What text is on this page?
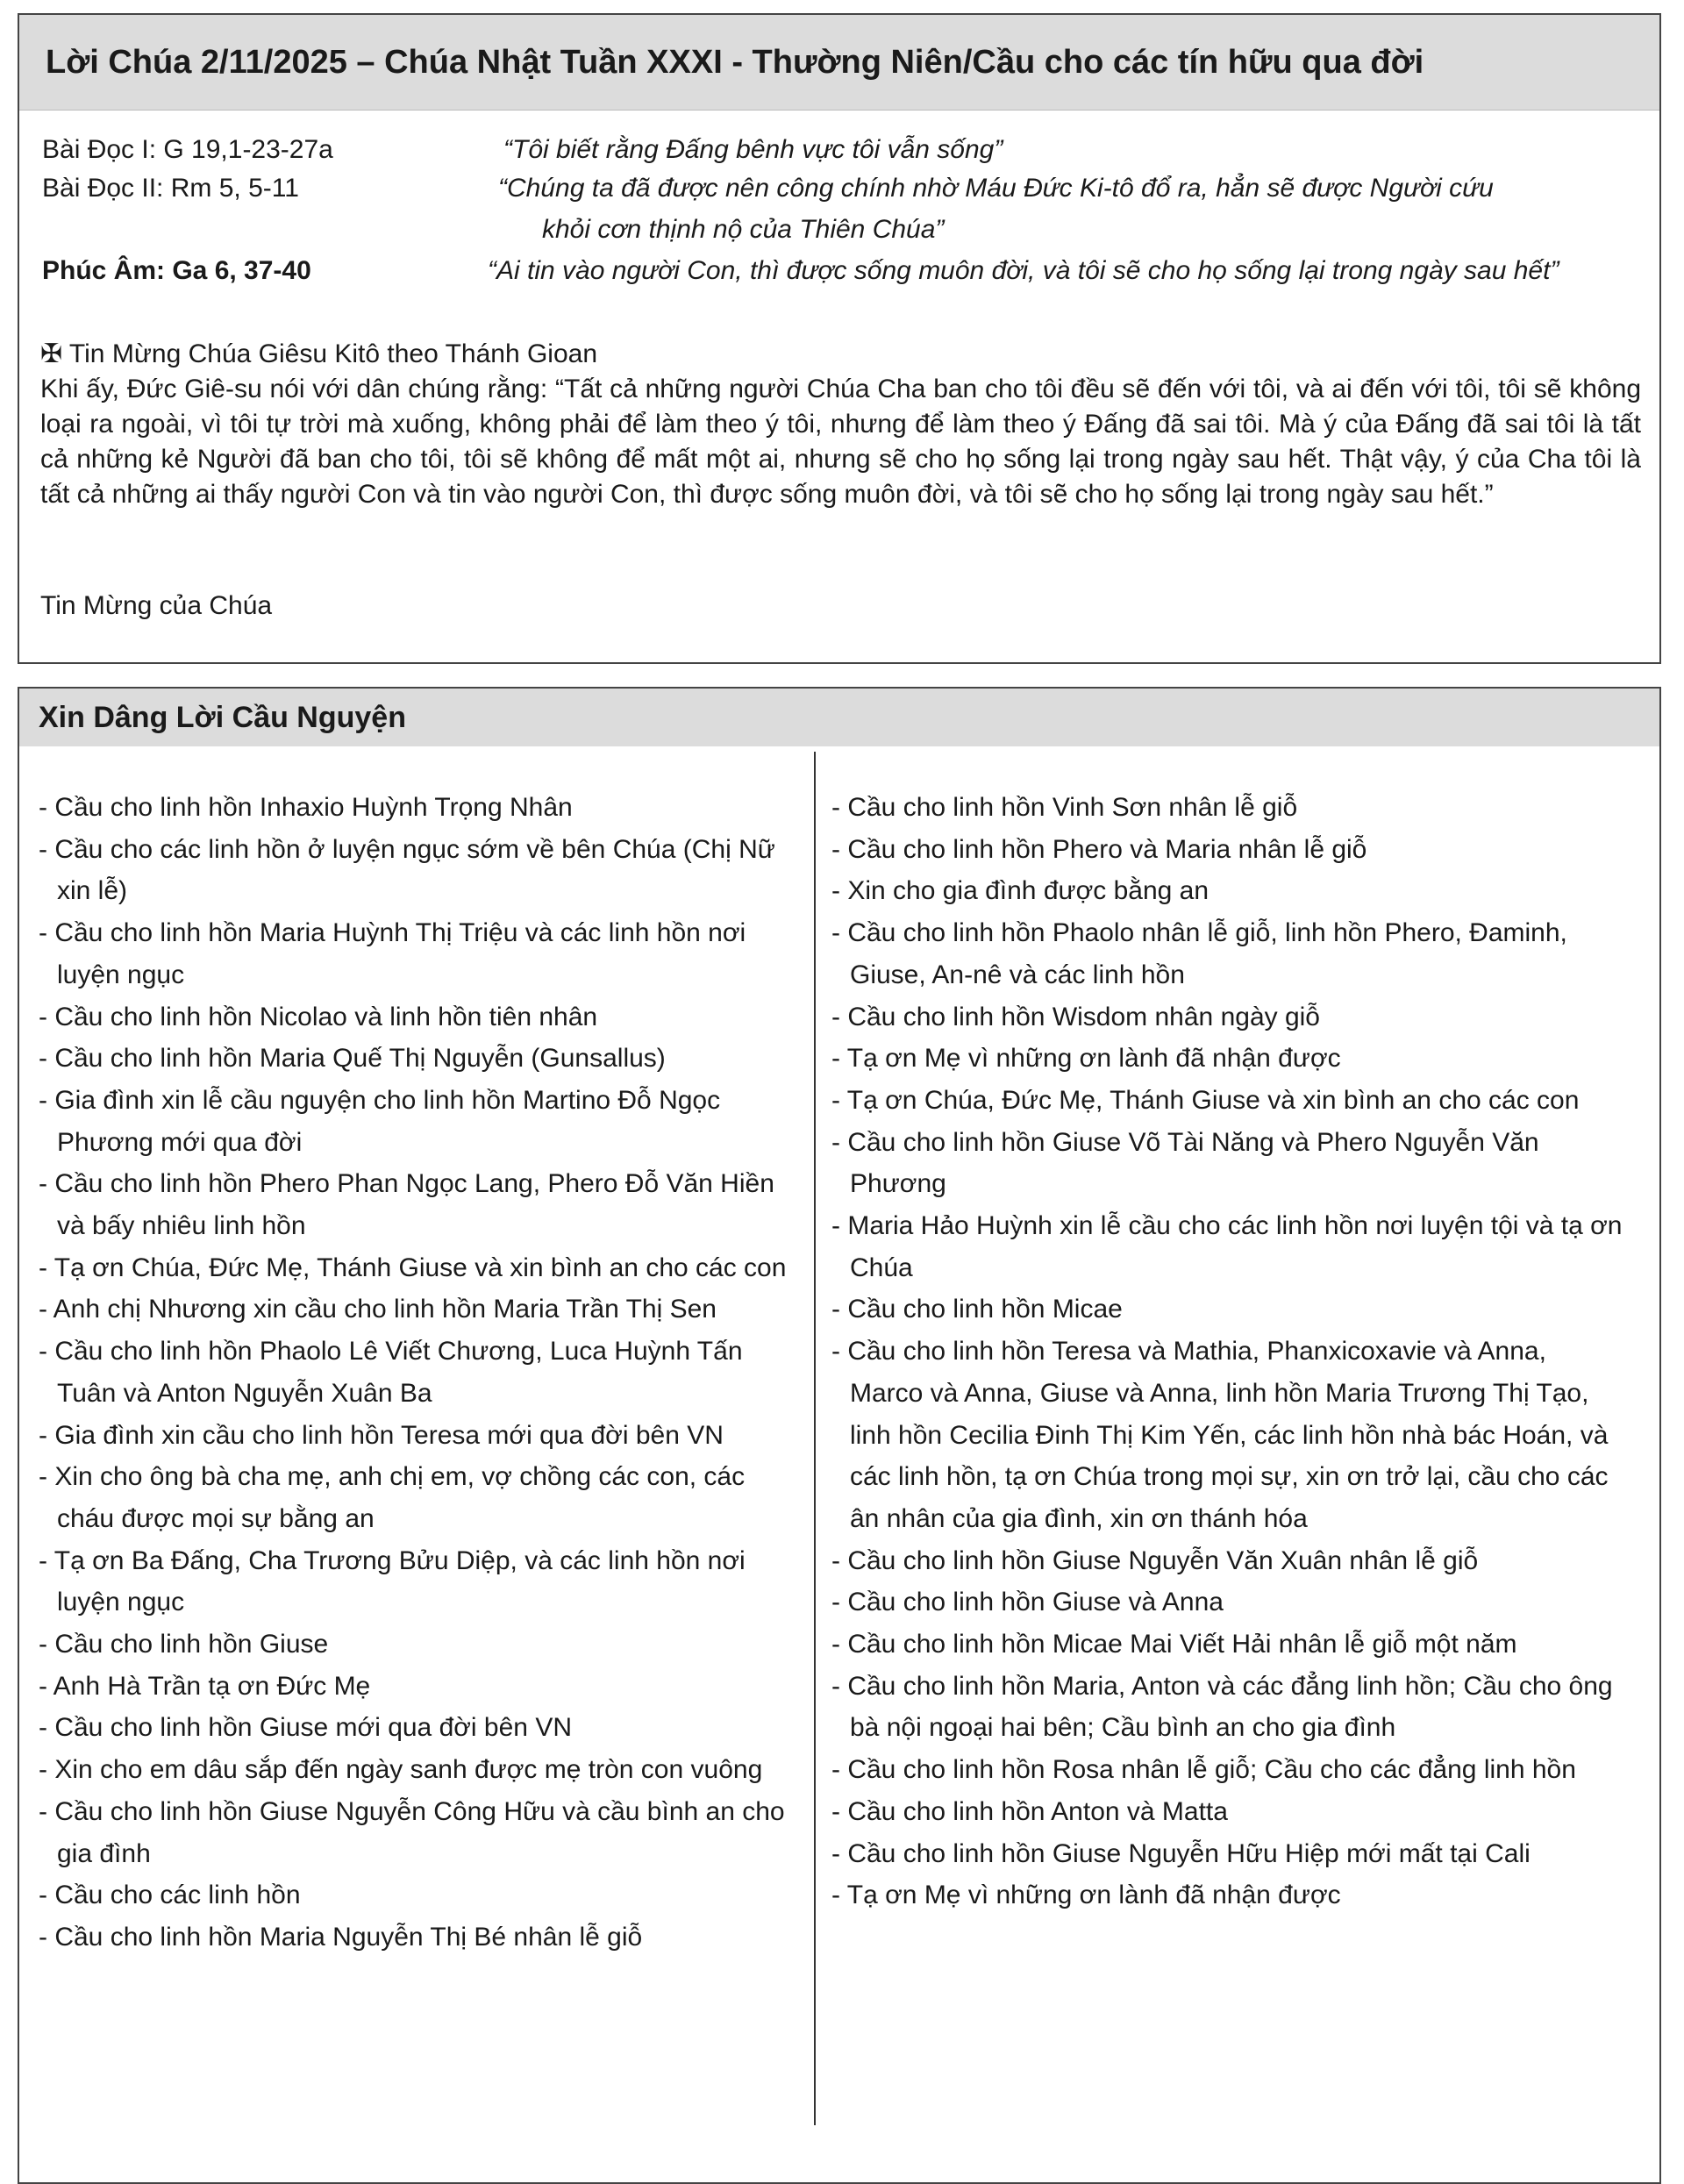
Lời Chúa 2/11/2025 – Chúa Nhật Tuần XXXI - Thường Niên/Cầu cho các tín hữu qua đời
Bài Đọc I: G 19,1-23-27a	“Tôi biết rằng Đấng bênh vực tôi vẫn sống”
Bài Đọc II: Rm 5, 5-11	“Chúng ta đã được nên công chính nhờ Máu Đức Ki-tô đổ ra, hẳn sẽ được Người cứu
khỏi cơn thịnh nộ của Thiên Chúa”
Phúc Âm: Ga 6, 37-40	“Ai tin vào người Con, thì được sống muôn đời, và tôi sẽ cho họ sống lại trong ngày sau hết”
✠ Tin Mừng Chúa Giêsu Kitô theo Thánh Gioan
Khi ấy, Đức Giê-su nói với dân chúng rằng: “Tất cả những người Chúa Cha ban cho tôi đều sẽ đến với tôi, và ai đến với tôi, tôi sẽ không loại ra ngoài, vì tôi tự trời mà xuống, không phải để làm theo ý tôi, nhưng để làm theo ý Đấng đã sai tôi. Mà ý của Đấng đã sai tôi là tất cả những kẻ Người đã ban cho tôi, tôi sẽ không để mất một ai, nhưng sẽ cho họ sống lại trong ngày sau hết. Thật vậy, ý của Cha tôi là tất cả những ai thấy người Con và tin vào người Con, thì được sống muôn đời, và tôi sẽ cho họ sống lại trong ngày sau hết.”
Tin Mừng của Chúa
Xin Dâng Lời Cầu Nguyện
- Cầu cho linh hồn Inhaxio Huỳnh Trọng Nhân
- Cầu cho các linh hồn ở luyện ngục sớm về bên Chúa (Chị Nữ xin lễ)
- Cầu cho linh hồn Maria Huỳnh Thị Triệu và các linh hồn nơi luyện ngục
- Cầu cho linh hồn Nicolao và linh hồn tiên nhân
- Cầu cho linh hồn Maria Quế Thị Nguyễn (Gunsallus)
- Gia đình xin lễ cầu nguyện cho linh hồn Martino Đỗ Ngọc Phương mới qua đời
- Cầu cho linh hồn Phero Phan Ngọc Lang, Phero Đỗ Văn Hiền và bấy nhiêu linh hồn
- Tạ ơn Chúa, Đức Mẹ, Thánh Giuse và xin bình an cho các con
- Anh chị Nhương xin cầu cho linh hồn Maria Trần Thị Sen
- Cầu cho linh hồn Phaolo Lê Viết Chương, Luca Huỳnh Tấn Tuân và Anton Nguyễn Xuân Ba
- Gia đình xin cầu cho linh hồn Teresa mới qua đời bên VN
- Xin cho ông bà cha mẹ, anh chị em, vợ chồng các con, các cháu được mọi sự bằng an
- Tạ ơn Ba Đấng, Cha Trương Bửu Diệp, và các linh hồn nơi luyện ngục
- Cầu cho linh hồn Giuse
- Anh Hà Trần tạ ơn Đức Mẹ
- Cầu cho linh hồn Giuse mới qua đời bên VN
- Xin cho em dâu sắp đến ngày sanh được mẹ tròn con vuông
- Cầu cho linh hồn Giuse Nguyễn Công Hữu và cầu bình an cho gia đình
- Cầu cho các linh hồn
- Cầu cho linh hồn Maria Nguyễn Thị Bé nhân lễ giỗ
- Cầu cho linh hồn Vinh Sơn nhân lễ giỗ
- Cầu cho linh hồn Phero và Maria nhân lễ giỗ
- Xin cho gia đình được bằng an
- Cầu cho linh hồn Phaolo nhân lễ giỗ, linh hồn Phero, Đaminh, Giuse, An-nê và các linh hồn
- Cầu cho linh hồn Wisdom nhân ngày giỗ
- Tạ ơn Mẹ vì những ơn lành đã nhận được
- Tạ ơn Chúa, Đức Mẹ, Thánh Giuse và xin bình an cho các con
- Cầu cho linh hồn Giuse Võ Tài Năng và Phero Nguyễn Văn Phương
- Maria Hảo Huỳnh xin lễ cầu cho các linh hồn nơi luyện tội và tạ ơn Chúa
- Cầu cho linh hồn Micae
- Cầu cho linh hồn Teresa và Mathia, Phanxicoxavie và Anna, Marco và Anna, Giuse và Anna, linh hồn Maria Trương Thị Tạo, linh hồn Cecilia Đinh Thị Kim Yến, các linh hồn nhà bác Hoán, và các linh hồn, tạ ơn Chúa trong mọi sự, xin ơn trở lại, cầu cho các ân nhân của gia đình, xin ơn thánh hóa
- Cầu cho linh hồn Giuse Nguyễn Văn Xuân nhân lễ giỗ
- Cầu cho linh hồn Giuse và Anna
- Cầu cho linh hồn Micae Mai Viết Hải nhân lễ giỗ một năm
- Cầu cho linh hồn Maria, Anton và các đẳng linh hồn; Cầu cho ông bà nội ngoại hai bên; Cầu bình an cho gia đình
- Cầu cho linh hồn Rosa nhân lễ giỗ; Cầu cho các đẳng linh hồn
- Cầu cho linh hồn Anton và Matta
- Cầu cho linh hồn Giuse Nguyễn Hữu Hiệp mới mất tại Cali
- Tạ ơn Mẹ vì những ơn lành đã nhận được
